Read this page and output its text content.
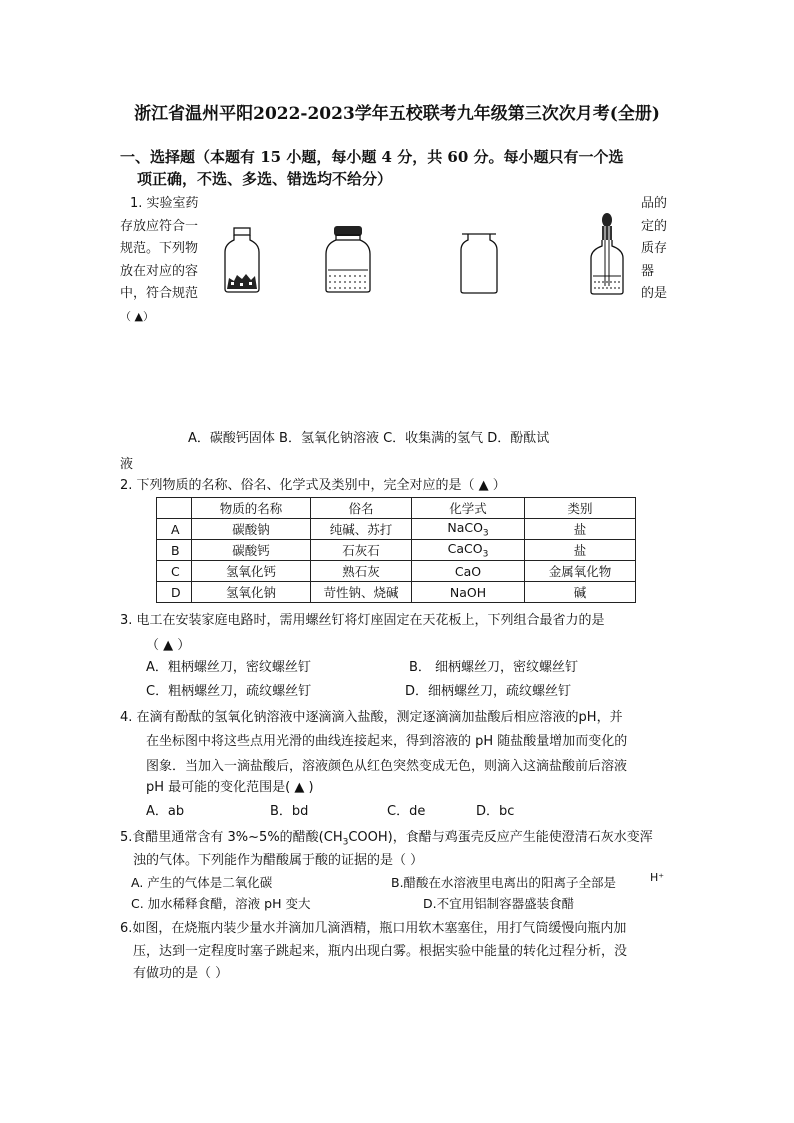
浙江省温州平阳2022-2023学年五校联考九年级第三次次月考(全册)
一、选择题（本题有 15 小题，每小题 4 分，共 60 分。每小题只有一个选
项正确，不选、多选、错选均不给分）
1. 实验室药
存放应符合一
规范。下列物
放在对应的容
中，符合规范
（ ▲）
品的
定的
质存
器
的是
A．碳酸钙固体 B．氢氧化钠溶液 C．收集满的氢气 D．酚酞试
液
2. 下列物质的名称、俗名、化学式及类别中，完全对应的是（ ▲ ）
	物质的名称	俗名	化学式	类别
A	碳酸钠	纯碱、苏打	NaCO$_3$	盐
B	碳酸钙	石灰石	CaCO$_3$	盐
C	氢氧化钙	熟石灰	CaO	金属氧化物
D	氢氧化钠	苛性钠、烧碱	NaOH	碱
3. 电工在安装家庭电路时，需用螺丝钉将灯座固定在天花板上，下列组合最省力的是
（ ▲ ）
A．粗柄螺丝刀，密纹螺丝钉	B． 细柄螺丝刀，密纹螺丝钉
C．粗柄螺丝刀，疏纹螺丝钉	D．细柄螺丝刀，疏纹螺丝钉
4. 在滴有酚酞的氢氧化钠溶液中逐滴滴入盐酸，测定逐滴滴加盐酸后相应溶液的pH，并
在坐标图中将这些点用光滑的曲线连接起来，得到溶液的 pH 随盐酸量增加而变化的
图象．当加入一滴盐酸后，溶液颜色从红色突然变成无色，则滴入这滴盐酸前后溶液
pH 最可能的变化范围是( ▲ )
A．ab	B．bd	C．de	D．bc
5.食醋里通常含有 3%~5%的醋酸$(CH_3COOH)$，食醋与鸡蛋壳反应产生能使澄清石灰水变浑
浊的气体。下列能作为醋酸属于酸的证据的是（ ）
A. 产生的气体是二氧化碳	B.醋酸在水溶液里电离出的阳离子全部是	H⁺
C. 加水稀释食醋，溶液 pH 变大	D.不宜用铝制容器盛装食醋
6.如图，在烧瓶内装少量水并滴加几滴酒精，瓶口用软木塞塞住，用打气筒缓慢向瓶内加
压，达到一定程度时塞子跳起来，瓶内出现白雾。根据实验中能量的转化过程分析，没
有做功的是（ ）
